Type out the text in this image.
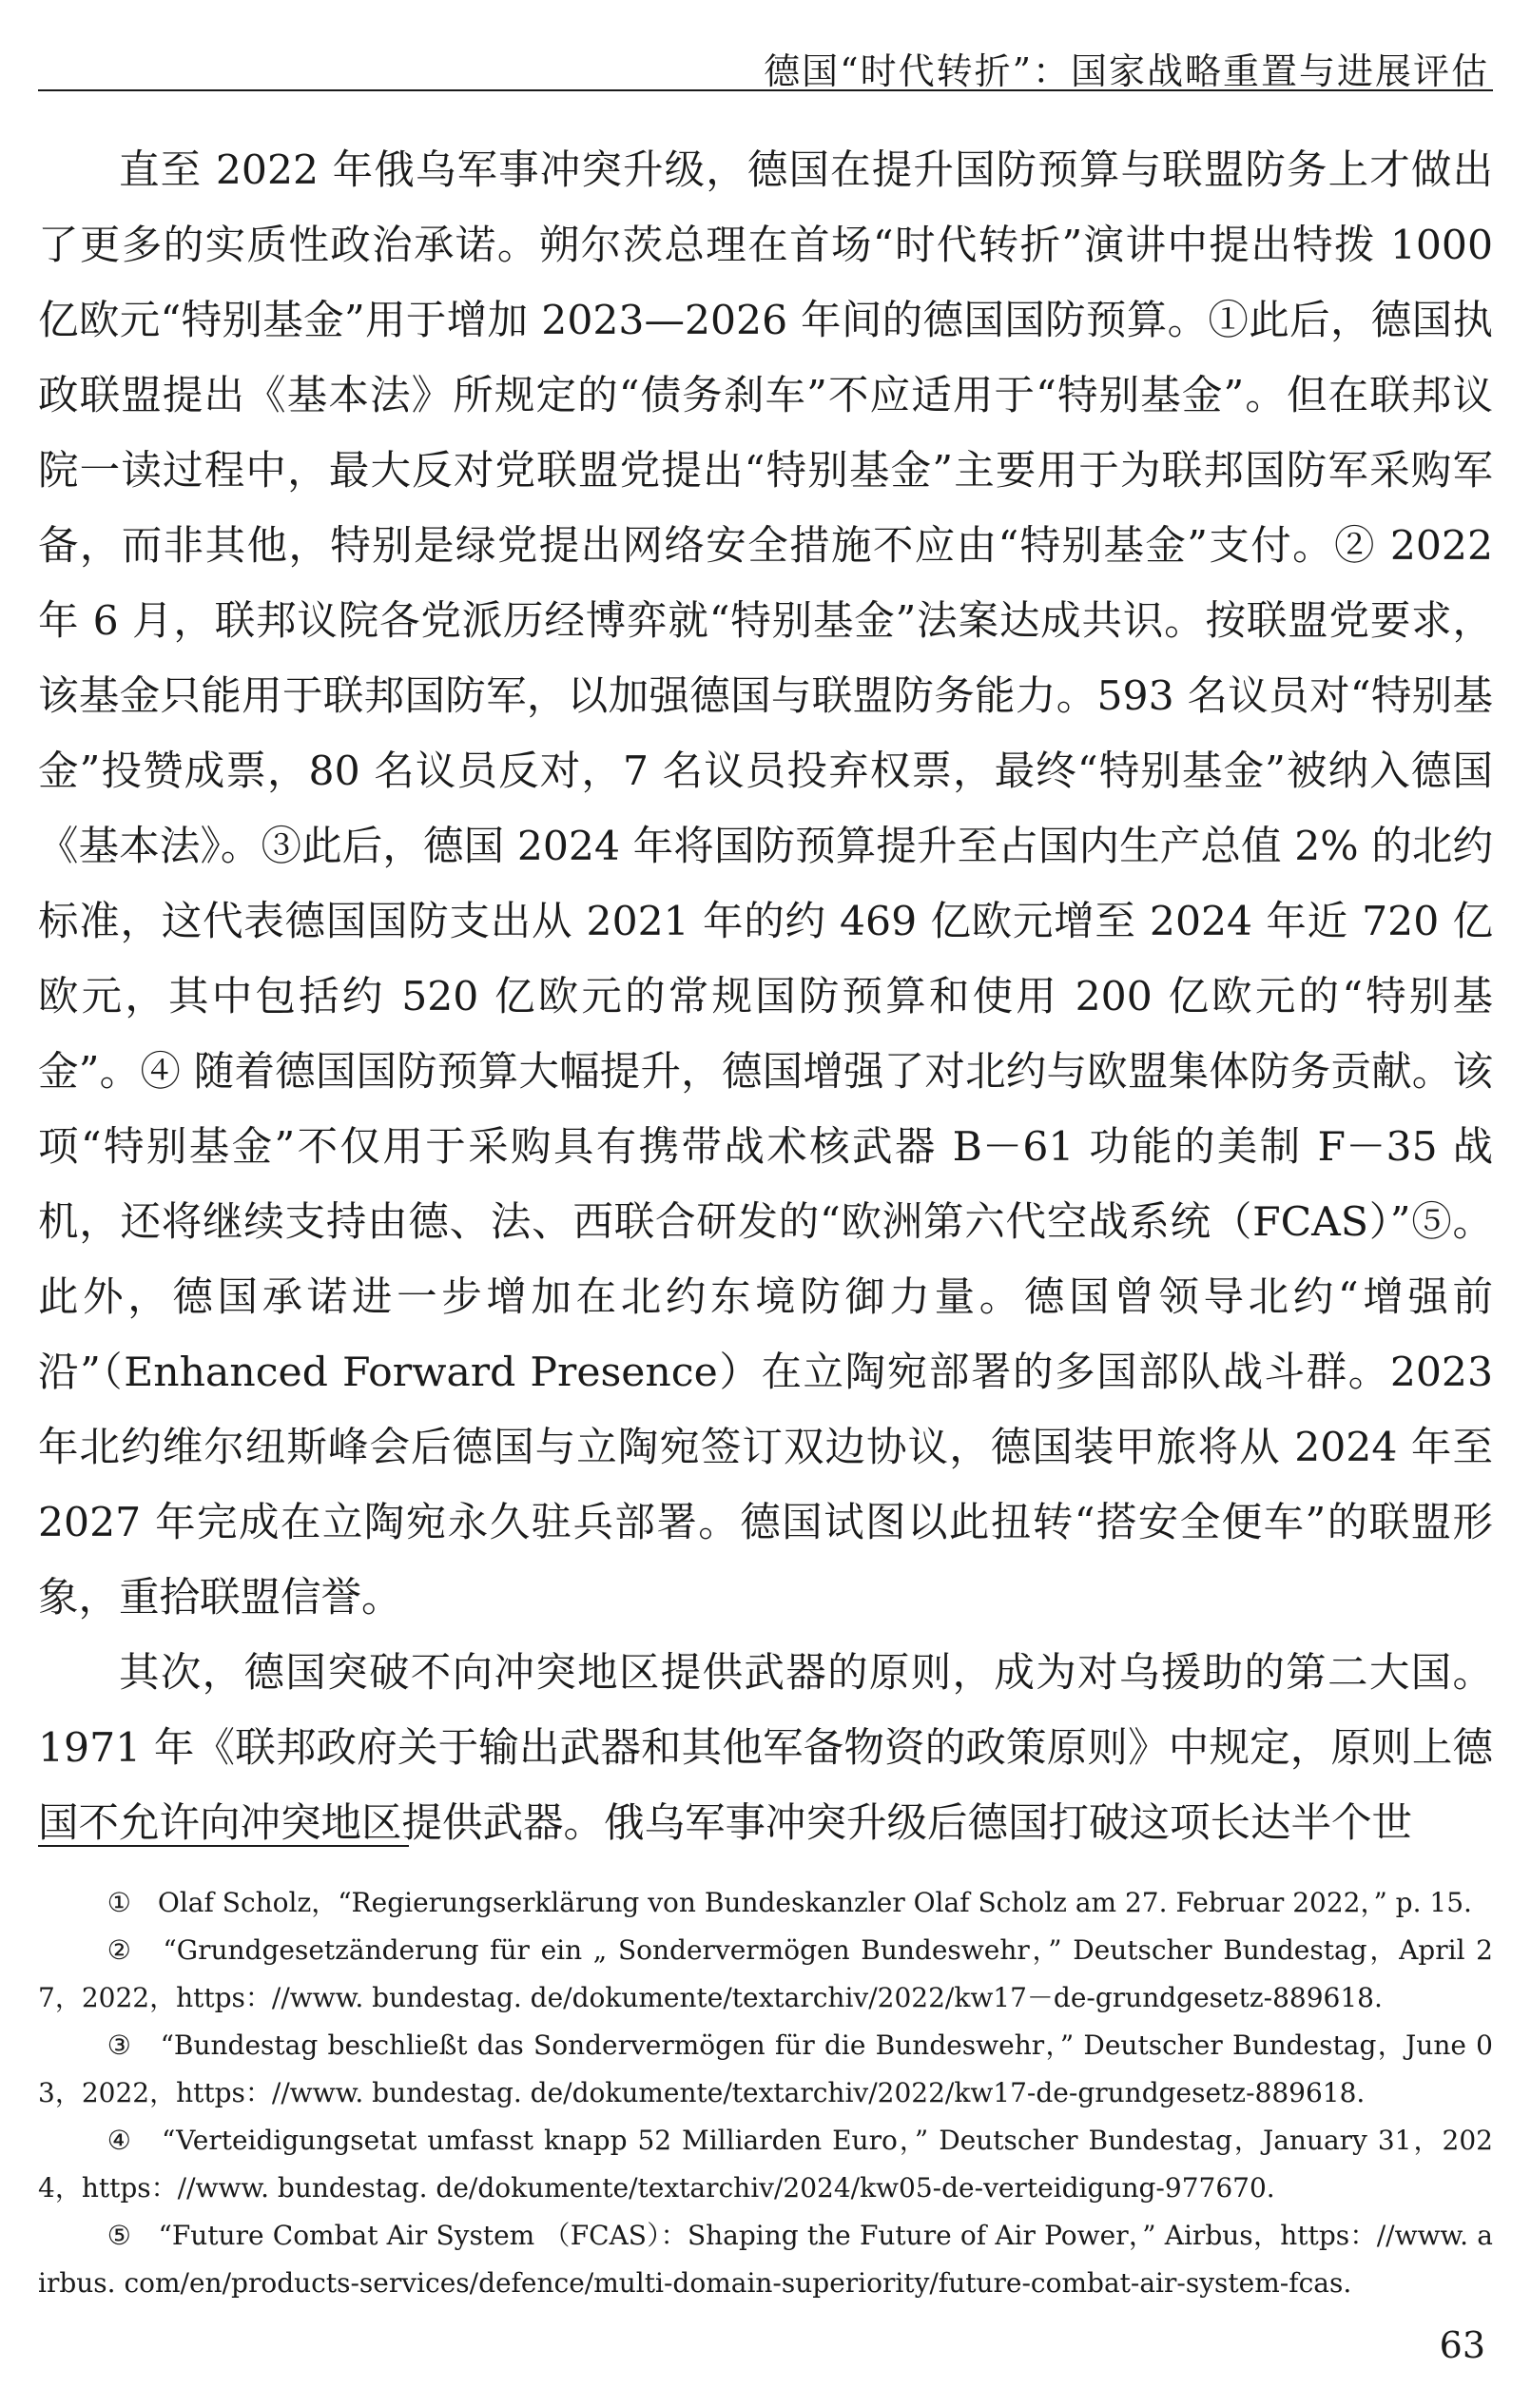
德国“时代转折”：国家战略重置与进展评估

直至 2022 年俄乌军事冲突升级，德国在提升国防预算与联盟防务上才做出了更多的实质性政治承诺。朔尔茨总理在首场“时代转折”演讲中提出特拨 1000 亿欧元“特别基金”用于增加 2023—2026 年间的德国国防预算。①此后，德国执政联盟提出《基本法》所规定的“债务刹车”不应适用于“特别基金”。但在联邦议院一读过程中，最大反对党联盟党提出“特别基金”主要用于为联邦国防军采购军备，而非其他，特别是绿党提出网络安全措施不应由“特别基金”支付。② 2022 年 6 月，联邦议院各党派历经博弈就“特别基金”法案达成共识。按联盟党要求，该基金只能用于联邦国防军，以加强德国与联盟防务能力。593 名议员对“特别基金”投赞成票，80 名议员反对，7 名议员投弃权票，最终“特别基金”被纳入德国《基本法》。③此后，德国 2024 年将国防预算提升至占国内生产总值 2% 的北约标准，这代表德国国防支出从 2021 年的约 469 亿欧元增至 2024 年近 720 亿欧元，其中包括约 520 亿欧元的常规国防预算和使用 200 亿欧元的“特别基金”。④ 随着德国国防预算大幅提升，德国增强了对北约与欧盟集体防务贡献。该项“特别基金”不仅用于采购具有携带战术核武器 B－61 功能的美制 F－35 战机，还将继续支持由德、法、西联合研发的“欧洲第六代空战系统（FCAS）”⑤。此外，德国承诺进一步增加在北约东境防御力量。德国曾领导北约“增强前沿”（Enhanced Forward Presence）在立陶宛部署的多国部队战斗群。2023 年北约维尔纽斯峰会后德国与立陶宛签订双边协议，德国装甲旅将从 2024 年至 2027 年完成在立陶宛永久驻兵部署。德国试图以此扭转“搭安全便车”的联盟形象，重拾联盟信誉。

其次，德国突破不向冲突地区提供武器的原则，成为对乌援助的第二大国。1971 年《联邦政府关于输出武器和其他军备物资的政策原则》中规定，原则上德国不允许向冲突地区提供武器。俄乌军事冲突升级后德国打破这项长达半个世

①　Olaf Scholz，“Regierungserklärung von Bundeskanzler Olaf Scholz am 27. Februar 2022，” p. 15.

②　“Grundgesetzänderung für ein „ Sondervermögen Bundeswehr，” Deutscher Bundestag，April 27，2022，https：//www. bundestag. de/dokumente/textarchiv/2022/kw17－de-grundgesetz-889618.

③　“Bundestag beschließt das Sondervermögen für die Bundeswehr，” Deutscher Bundestag，June 03，2022，https：//www. bundestag. de/dokumente/textarchiv/2022/kw17-de-grundgesetz-889618.

④　“Verteidigungsetat umfasst knapp 52 Milliarden Euro，” Deutscher Bundestag，January 31，2024，https：//www. bundestag. de/dokumente/textarchiv/2024/kw05-de-verteidigung-977670.

⑤　“Future Combat Air System （FCAS）：Shaping the Future of Air Power，” Airbus，https：//www. airbus. com/en/products-services/defence/multi-domain-superiority/future-combat-air-system-fcas.

63
